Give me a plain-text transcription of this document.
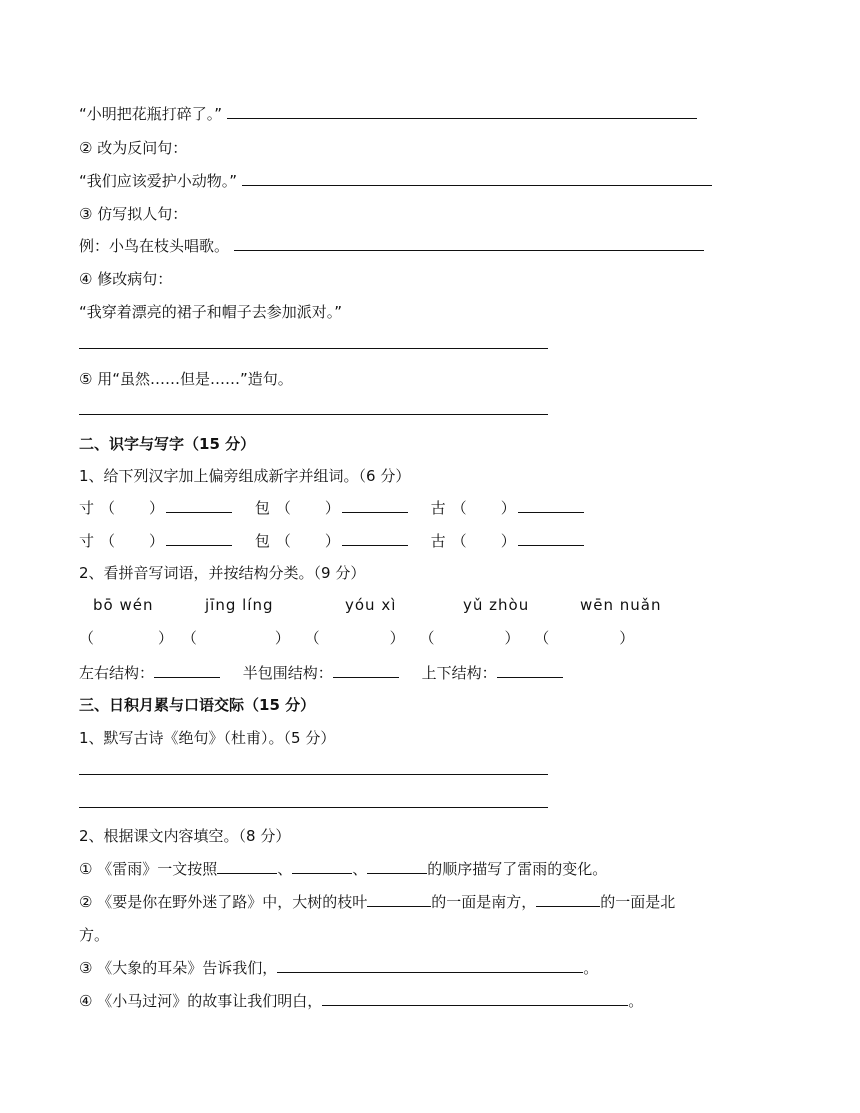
“小明把花瓶打碎了。”
② 改为反问句：
“我们应该爱护小动物。”
③ 仿写拟人句：
例：小鸟在枝头唱歌。
④ 修改病句：
“我穿着漂亮的裙子和帽子去参加派对。”
⑤ 用“虽然……但是……”造句。
二、识字与写字（15 分）
1、给下列汉字加上偏旁组成新字并组词。（6 分）
寸 （ ）	包 （ ）	古 （ ）
寸 （ ）	包 （ ）	古 （ ）
2、看拼音写词语，并按结构分类。（9 分）
bō wén	jīng líng	yóu xì	yǔ zhòu	wēn nuǎn
（	） （	） （	） （	） （	）
左右结构：	半包围结构：	上下结构：
三、日积月累与口语交际（15 分）
1、默写古诗《绝句》（杜甫）。（5 分）
2、根据课文内容填空。（8 分）
① 《雷雨》一文按照	、	、	的顺序描写了雷雨的变化。
② 《要是你在野外迷了路》中，大树的枝叶	的一面是南方，	的一面是北
方。
③ 《大象的耳朵》告诉我们，	。
④ 《小马过河》的故事让我们明白，	。
